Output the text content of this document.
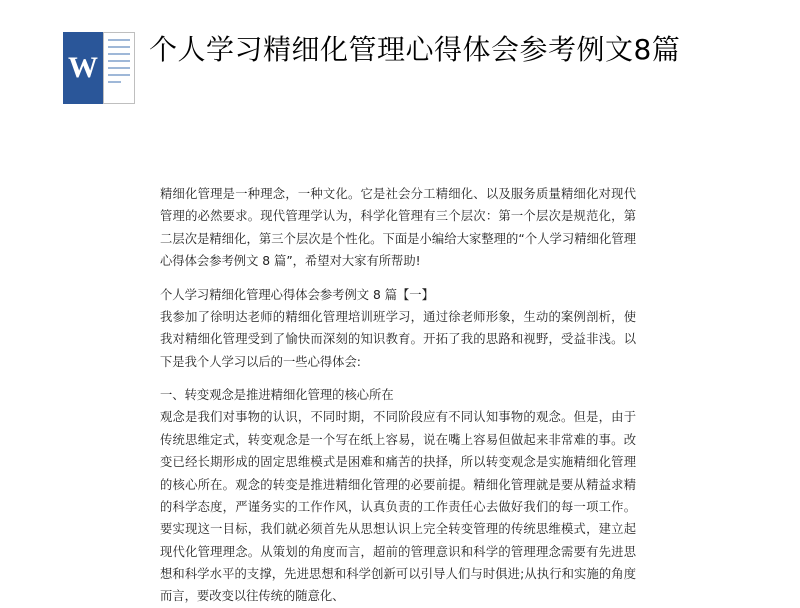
W
个人学习精细化管理心得体会参考例文8篇

精细化管理是一种理念，一种文化。它是社会分工精细化、以及服务质量精细化对现代管理的必然要求。现代管理学认为，科学化管理有三个层次：第一个层次是规范化，第二层次是精细化，第三个层次是个性化。下面是小编给大家整理的“个人学习精细化管理心得体会参考例文 8 篇”，希望对大家有所帮助!

个人学习精细化管理心得体会参考例文 8 篇【一】

我参加了徐明达老师的精细化管理培训班学习，通过徐老师形象，生动的案例剖析，使我对精细化管理受到了愉快而深刻的知识教育。开拓了我的思路和视野，受益非浅。以下是我个人学习以后的一些心得体会:

一、转变观念是推进精细化管理的核心所在

观念是我们对事物的认识，不同时期，不同阶段应有不同认知事物的观念。但是，由于传统思维定式，转变观念是一个写在纸上容易，说在嘴上容易但做起来非常难的事。改变已经长期形成的固定思维模式是困难和痛苦的抉择，所以转变观念是实施精细化管理的核心所在。观念的转变是推进精细化管理的必要前提。精细化管理就是要从精益求精的科学态度，严谨务实的工作作风，认真负责的工作责任心去做好我们的每一项工作。要实现这一目标，我们就必须首先从思想认识上完全转变管理的传统思维模式，建立起现代化管理理念。从策划的角度而言，超前的管理意识和科学的管理理念需要有先进思想和科学水平的支撑，先进思想和科学创新可以引导人们与时俱进;从执行和实施的角度而言，要改变以往传统的随意化、
